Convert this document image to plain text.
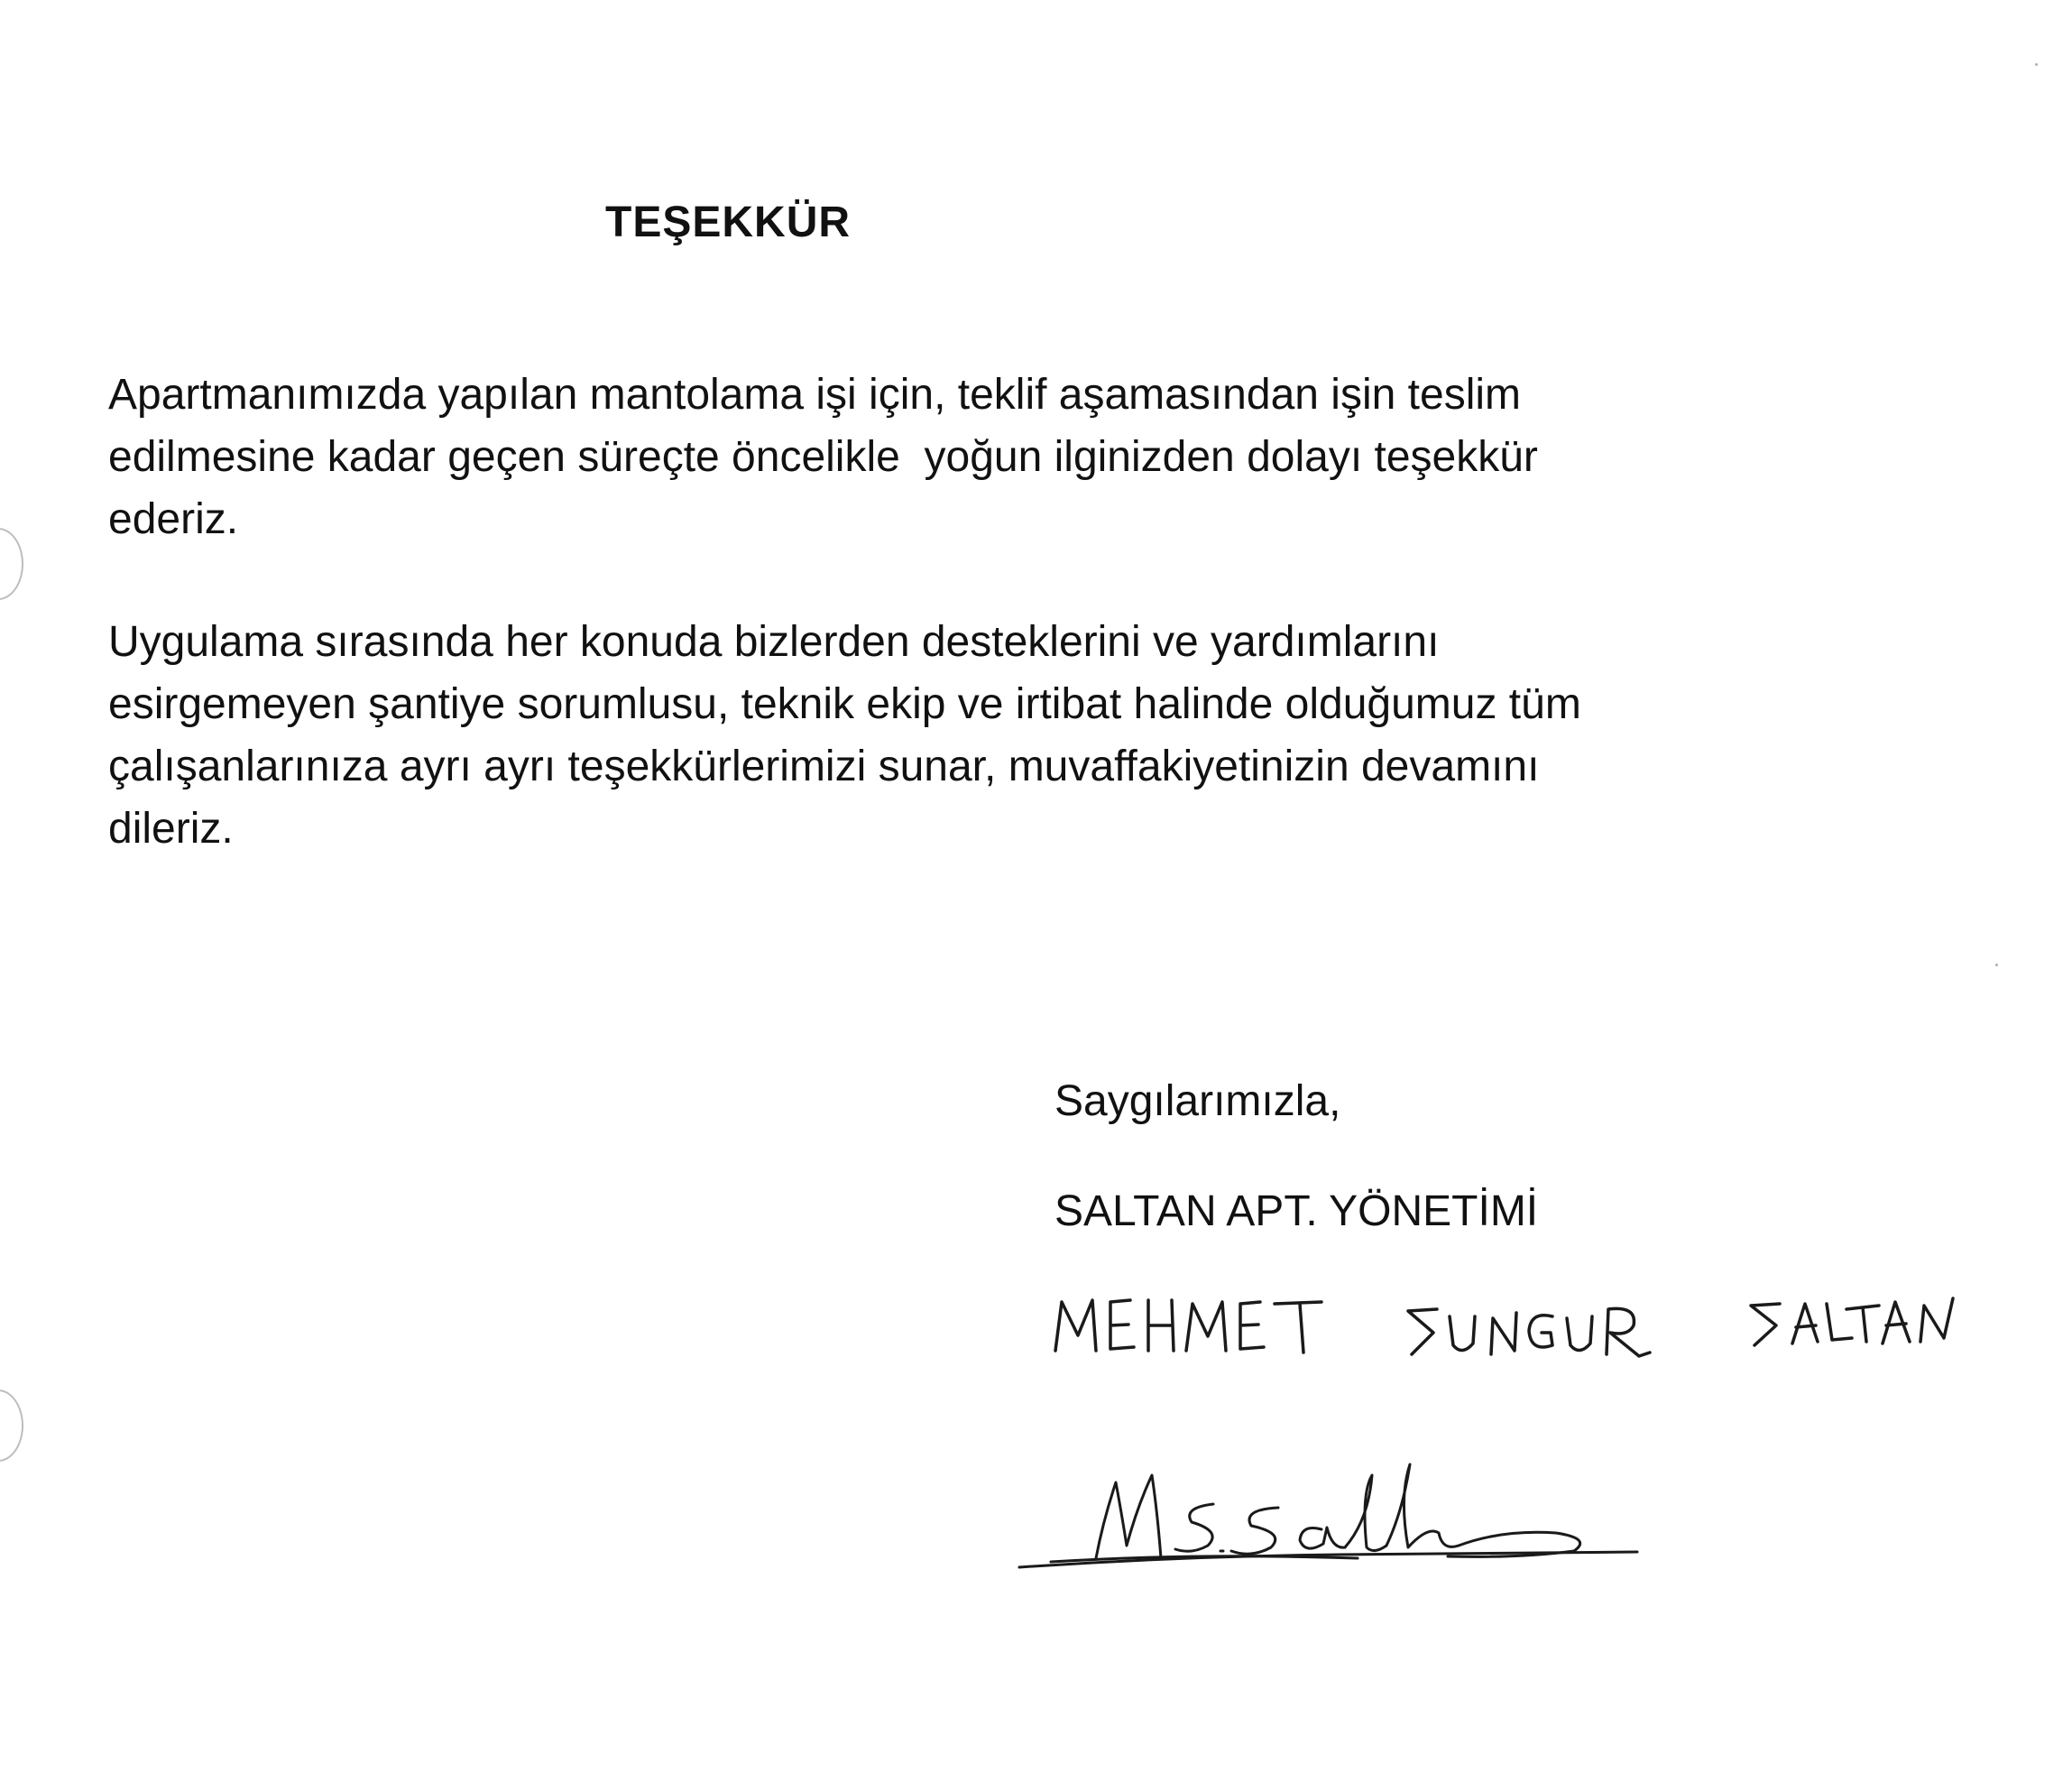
TEŞEKKÜR
Apartmanımızda yapılan mantolama işi için, teklif aşamasından işin teslim
edilmesine kadar geçen süreçte öncelikle  yoğun ilginizden dolayı teşekkür
ederiz.
Uygulama sırasında her konuda bizlerden desteklerini ve yardımlarını
esirgemeyen şantiye sorumlusu, teknik ekip ve irtibat halinde olduğumuz tüm
çalışanlarınıza ayrı ayrı teşekkürlerimizi sunar, muvaffakiyetinizin devamını
dileriz.
Saygılarımızla,
SALTAN APT. YÖNETİMİ
